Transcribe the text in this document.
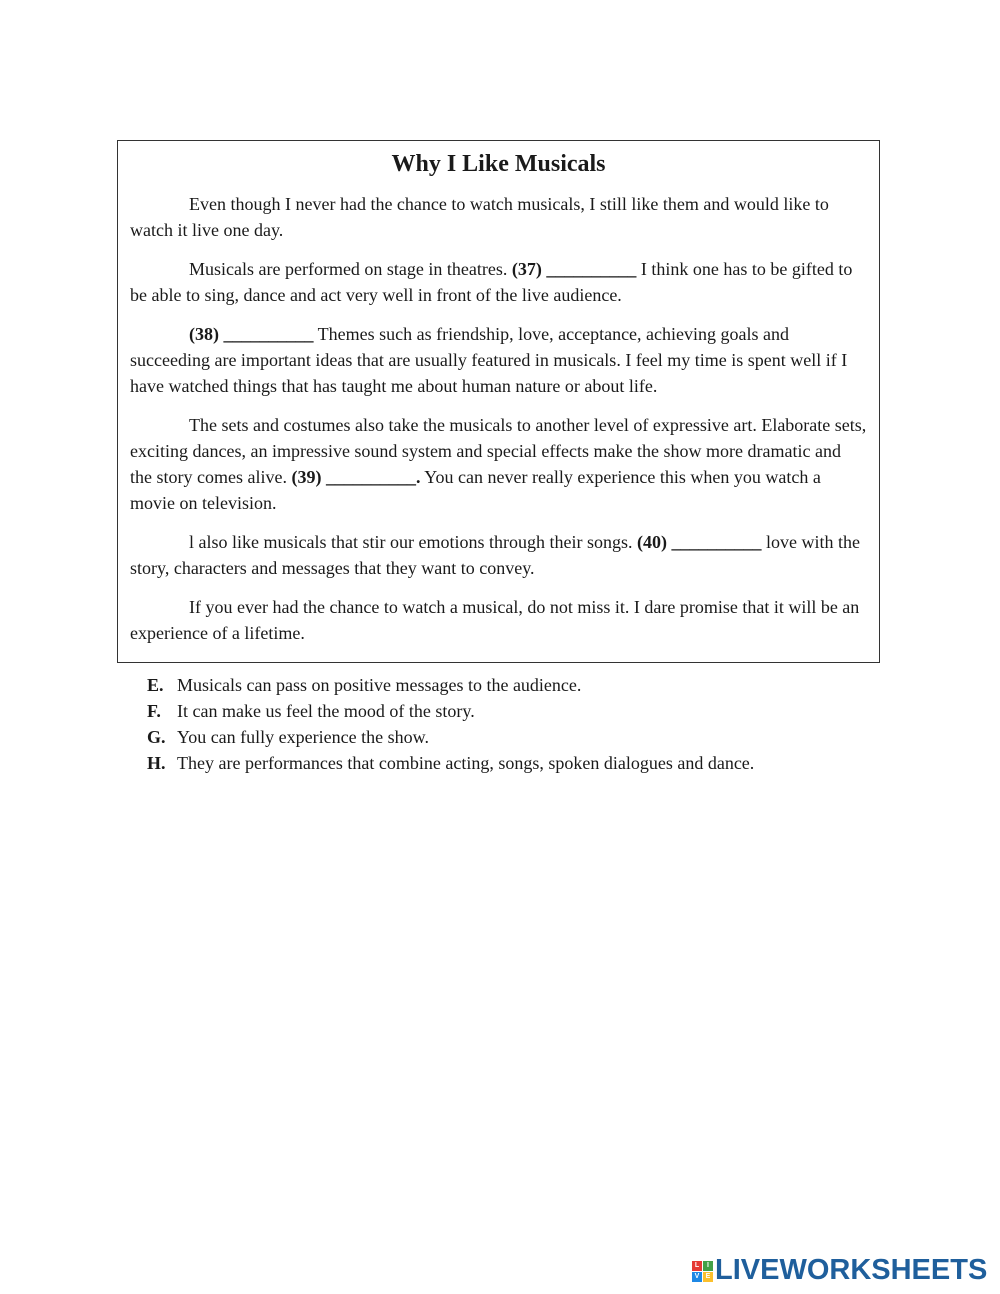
Why I Like Musicals

Even though I never had the chance to watch musicals, I still like them and would like to watch it live one day.

Musicals are performed on stage in theatres. (37) __________ I think one has to be gifted to be able to sing, dance and act very well in front of the live audience.

(38) __________ Themes such as friendship, love, acceptance, achieving goals and succeeding are important ideas that are usually featured in musicals. I feel my time is spent well if I have watched things that has taught me about human nature or about life.

The sets and costumes also take the musicals to another level of expressive art. Elaborate sets, exciting dances, an impressive sound system and special effects make the show more dramatic and the story comes alive. (39) __________. You can never really experience this when you watch a movie on television.

l also like musicals that stir our emotions through their songs. (40) __________ love with the story, characters and messages that they want to convey.

If you ever had the chance to watch a musical, do not miss it. I dare promise that it will be an experience of a lifetime.

E. Musicals can pass on positive messages to the audience.
F. It can make us feel the mood of the story.
G. You can fully experience the show.
H. They are performances that combine acting, songs, spoken dialogues and dance.
L	I
V E LIVEWORKSHEETS
